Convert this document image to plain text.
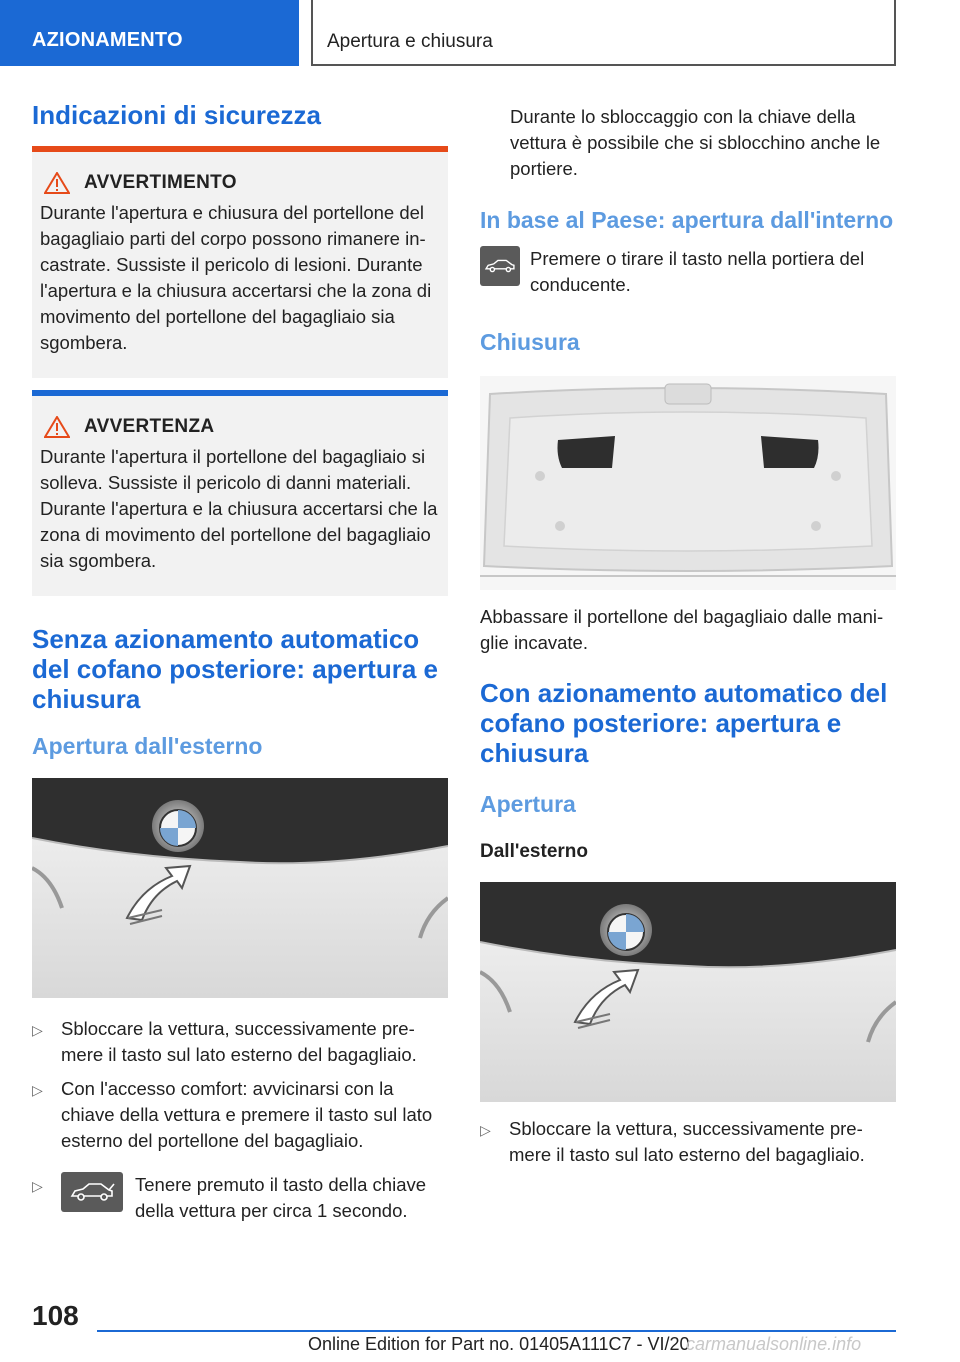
AZIONAMENTO	Apertura e chiusura
Indicazioni di sicurezza
AVVERTIMENTO
Durante l'apertura e chiusura del portellone del bagagliaio parti del corpo possono rimanere incastrate. Sussiste il pericolo di lesioni. Durante l'apertura e la chiusura accertarsi che la zona di movimento del portellone del bagagliaio sia sgombera.
AVVERTENZA
Durante l'apertura il portellone del bagagliaio si solleva. Sussiste il pericolo di danni materiali. Durante l'apertura e la chiusura accertarsi che la zona di movimento del portellone del bagagliaio sia sgombera.
Senza azionamento automatico del cofano posteriore: apertura e chiusura
Apertura dall'esterno
▷ Sbloccare la vettura, successivamente premere il tasto sul lato esterno del bagagliaio.
▷ Con l'accesso comfort: avvicinarsi con la chiave della vettura e premere il tasto sul lato esterno del portellone del bagagliaio.
▷	Tenere premuto il tasto della chiave della vettura per circa 1 secondo.

Durante lo sbloccaggio con la chiave della vettura è possibile che si sblocchino anche le portiere.

In base al Paese: apertura dall'interno
Premere o tirare il tasto nella portiera del conducente.
Chiusura

Abbassare il portellone del bagagliaio dalle maniglie incavate.

Con azionamento automatico del cofano posteriore: apertura e chiusura
Apertura
Dall'esterno
▷ Sbloccare la vettura, successivamente premere il tasto sul lato esterno del bagagliaio.
108
Online Edition for Part no. 01405A111C7 - VI/20
carmanualsonline.info
